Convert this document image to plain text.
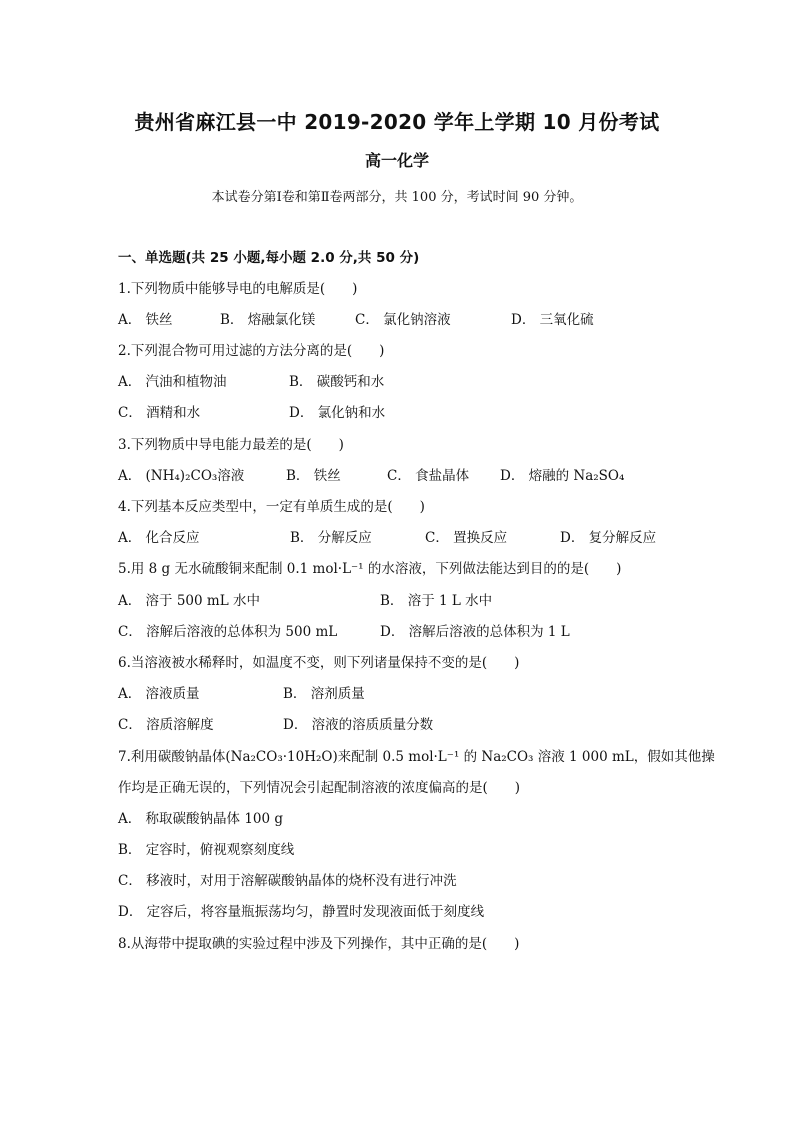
贵州省麻江县一中 2019-2020 学年上学期 10 月份考试
高一化学
本试卷分第Ⅰ卷和第Ⅱ卷两部分，共 100 分，考试时间 90 分钟。
一、单选题(共 25 小题,每小题 2.0 分,共 50 分)
1.下列物质中能够导电的电解质是(　　)
A． 铁丝	B． 熔融氯化镁	C． 氯化钠溶液	D． 三氧化硫
2.下列混合物可用过滤的方法分离的是(　　)
A． 汽油和植物油	B． 碳酸钙和水
C． 酒精和水	D． 氯化钠和水
3.下列物质中导电能力最差的是(　　)
A． (NH₄)₂CO₃溶液	B． 铁丝	C． 食盐晶体 D． 熔融的 Na₂SO₄
4.下列基本反应类型中，一定有单质生成的是(　　)
A． 化合反应	B． 分解反应	C． 置换反应	D． 复分解反应
5.用 8 g 无水硫酸铜来配制 0.1 mol·L⁻¹ 的水溶液，下列做法能达到目的的是(　　)
A． 溶于 500 mL 水中	B． 溶于 1 L 水中
C． 溶解后溶液的总体积为 500 mL	D． 溶解后溶液的总体积为 1 L
6.当溶液被水稀释时，如温度不变，则下列诸量保持不变的是(　　)
A． 溶液质量	B． 溶剂质量
C． 溶质溶解度	D． 溶液的溶质质量分数
7.利用碳酸钠晶体(Na₂CO₃·10H₂O)来配制 0.5 mol·L⁻¹ 的 Na₂CO₃ 溶液 1 000 mL，假如其他操
作均是正确无误的，下列情况会引起配制溶液的浓度偏高的是(　　)
A． 称取碳酸钠晶体 100 g
B． 定容时，俯视观察刻度线
C． 移液时，对用于溶解碳酸钠晶体的烧杯没有进行冲洗
D． 定容后，将容量瓶振荡均匀，静置时发现液面低于刻度线
8.从海带中提取碘的实验过程中涉及下列操作，其中正确的是(　　)
